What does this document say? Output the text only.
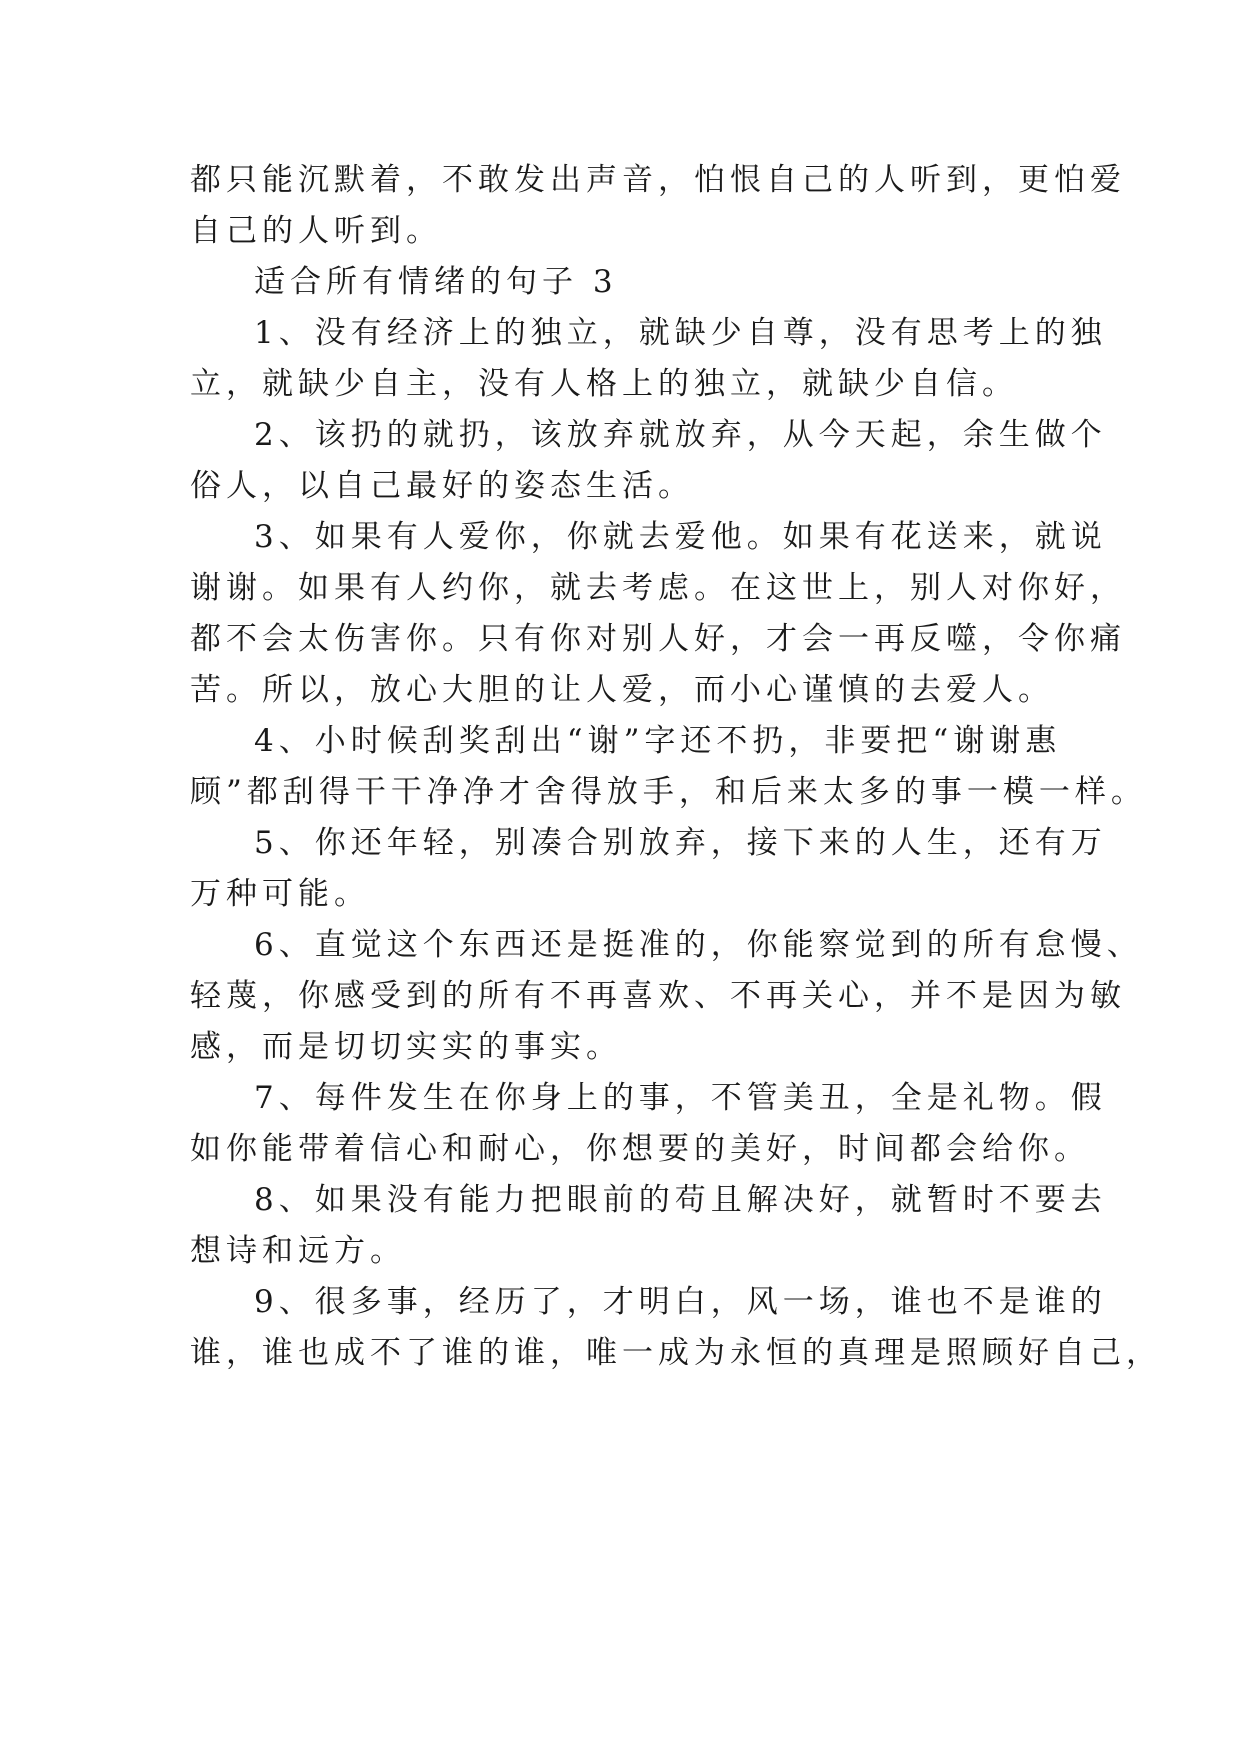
都只能沉默着，不敢发出声音，怕恨自己的人听到，更怕爱
自己的人听到。
适合所有情绪的句子 3
1、没有经济上的独立，就缺少自尊，没有思考上的独
立，就缺少自主，没有人格上的独立，就缺少自信。
2、该扔的就扔，该放弃就放弃，从今天起，余生做个
俗人，以自己最好的姿态生活。
3、如果有人爱你，你就去爱他。如果有花送来，就说
谢谢。如果有人约你，就去考虑。在这世上，别人对你好，
都不会太伤害你。只有你对别人好，才会一再反噬，令你痛
苦。所以，放心大胆的让人爱，而小心谨慎的去爱人。
4、小时候刮奖刮出“谢”字还不扔，非要把“谢谢惠
顾”都刮得干干净净才舍得放手，和后来太多的事一模一样。
5、你还年轻，别凑合别放弃，接下来的人生，还有万
万种可能。
6、直觉这个东西还是挺准的，你能察觉到的所有怠慢、
轻蔑，你感受到的所有不再喜欢、不再关心，并不是因为敏
感，而是切切实实的事实。
7、每件发生在你身上的事，不管美丑，全是礼物。假
如你能带着信心和耐心，你想要的美好，时间都会给你。
8、如果没有能力把眼前的苟且解决好，就暂时不要去
想诗和远方。
9、很多事，经历了，才明白，风一场，谁也不是谁的
谁，谁也成不了谁的谁，唯一成为永恒的真理是照顾好自己，
